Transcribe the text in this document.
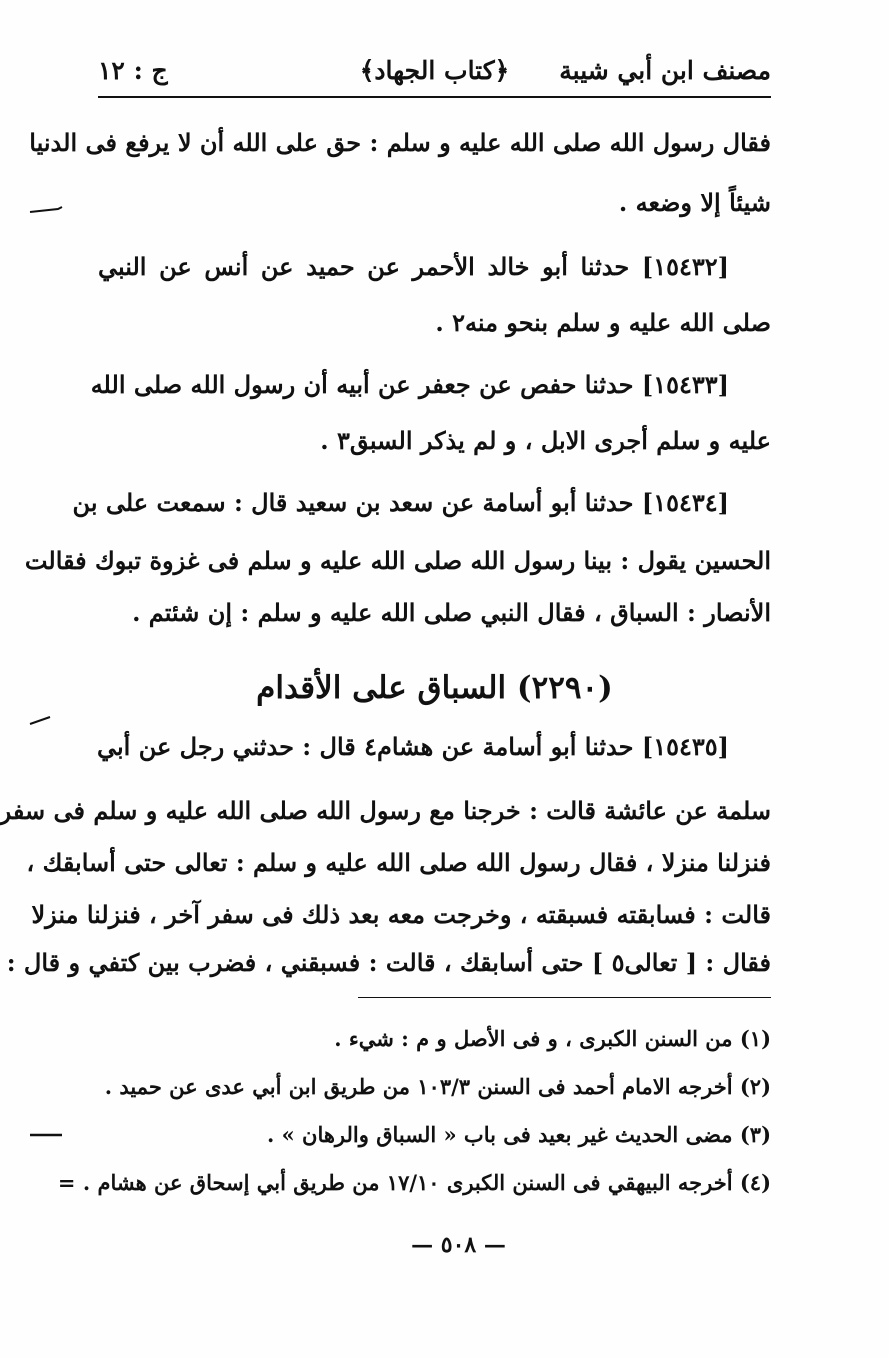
مصنف ابن أبي شيبة
﴿كتاب الجهاد﴾
ج : ١٢
فقال رسول الله صلى الله عليه و سلم : حق على الله أن لا يرفع فى الدنيا
شيئاً إلا وضعه .
[١٥٤٣٢] حدثنا أبو خالد الأحمر عن حميد عن أنس عن النبي
صلى الله عليه و سلم بنحو منه٢ .
[١٥٤٣٣] حدثنا حفص عن جعفر عن أبيه أن رسول الله صلى الله
عليه و سلم أجرى الابل ، و لم يذكر السبق٣ .
[١٥٤٣٤] حدثنا أبو أسامة عن سعد بن سعيد قال : سمعت على بن
الحسين يقول : بينا رسول الله صلى الله عليه و سلم فى غزوة تبوك فقالت
الأنصار : السباق ، فقال النبي صلى الله عليه و سلم : إن شئتم .
(٢٢٩٠) السباق على الأقدام
[١٥٤٣٥] حدثنا أبو أسامة عن هشام٤ قال : حدثني رجل عن أبي
سلمة عن عائشة قالت : خرجنا مع رسول الله صلى الله عليه و سلم فى سفر
فنزلنا منزلا ، فقال رسول الله صلى الله عليه و سلم : تعالى حتى أسابقك ،
قالت : فسابقته فسبقته ، وخرجت معه بعد ذلك فى سفر آخر ، فنزلنا منزلا
فقال : [ تعالى٥ ] حتى أسابقك ، قالت : فسبقني ، فضرب بين كتفي و قال :
(١) من السنن الكبرى ، و فى الأصل و م : شيء .
(٢) أخرجه الامام أحمد فى السنن ١٠٣/٣ من طريق ابن أبي عدى عن حميد .
(٣) مضى الحديث غير بعيد فى باب « السباق والرهان » .
(٤) أخرجه البيهقي فى السنن الكبرى ١٧/١٠ من طريق أبي إسحاق عن هشام . =
— ٥٠٨ —
